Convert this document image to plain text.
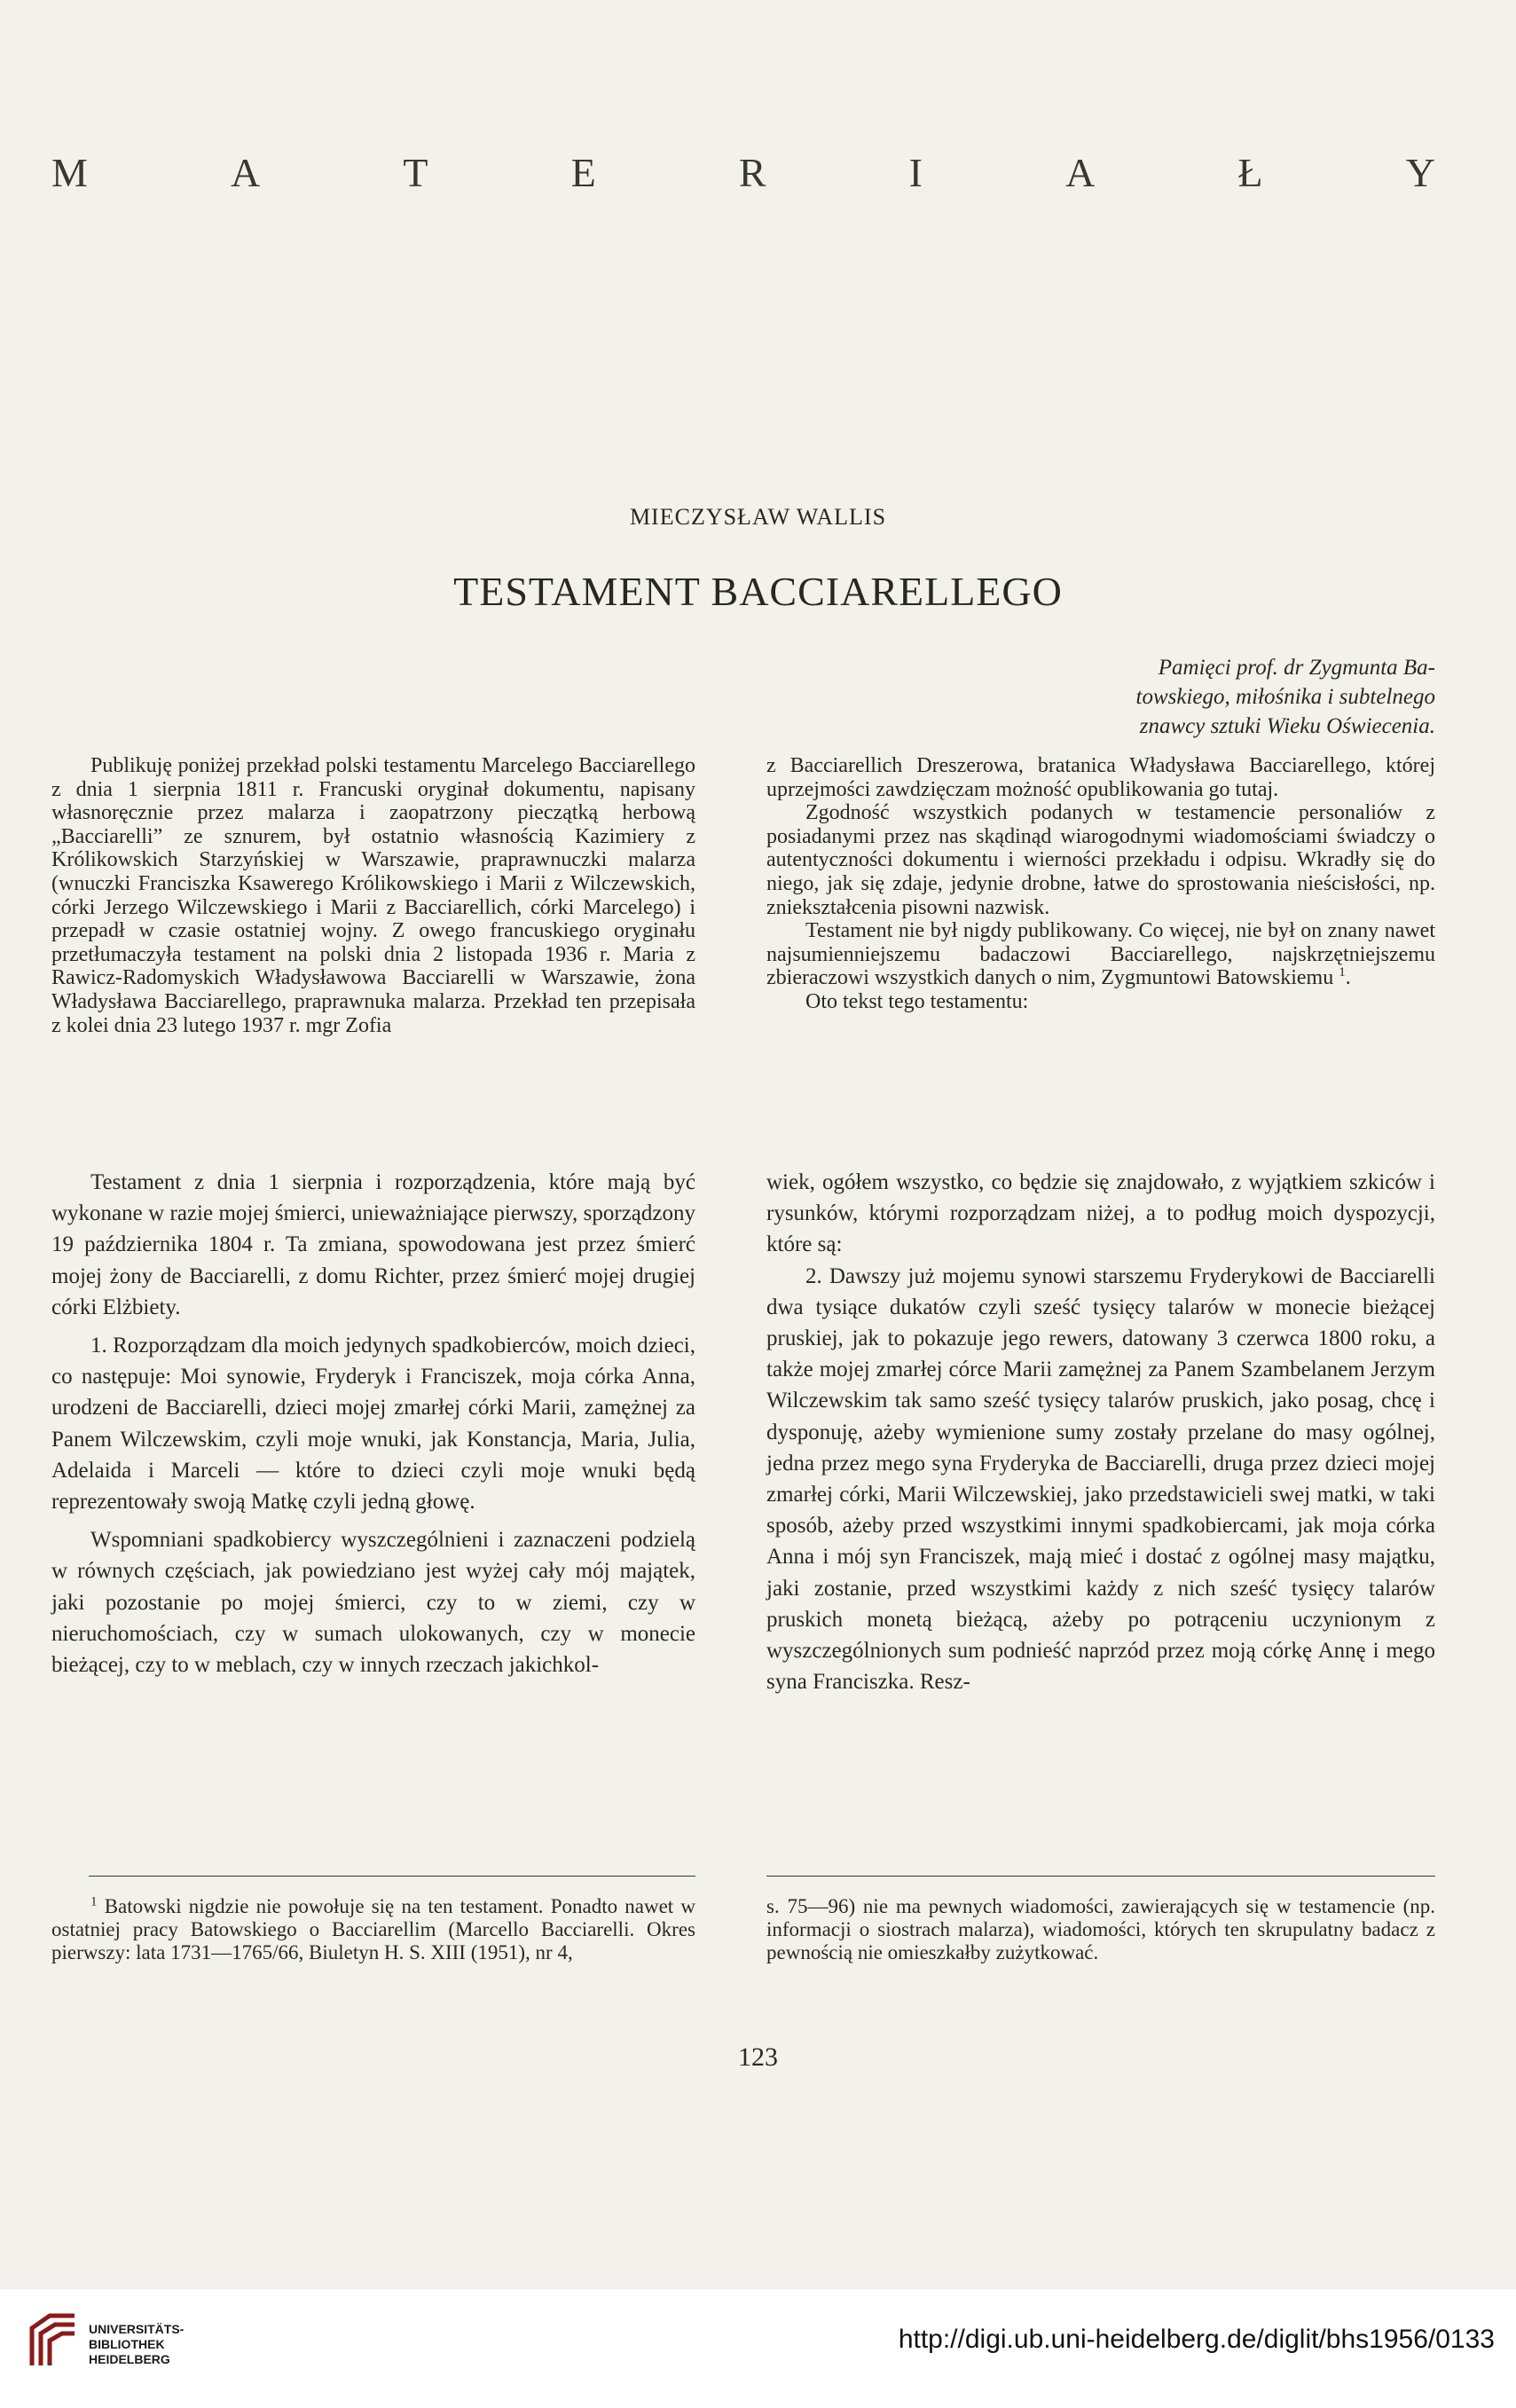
M	A	T	E	R	I	A	Ł	Y
MIECZYSŁAW WALLIS
TESTAMENT BACCIARELLEGO
Pamięci prof. dr Zygmunta Ba-
towskiego, miłośnika i subtelnego
znawcy sztuki Wieku Oświecenia.

Publikuję poniżej przekład polski testamentu Marcelego Bacciarellego z dnia 1 sierpnia 1811 r. Francuski oryginał dokumentu, napisany własnoręcznie przez malarza i zaopatrzony pieczątką herbową „Bacciarelli” ze sznurem, był ostatnio własnością Kazimiery z Królikowskich Starzyńskiej w Warszawie, praprawnuczki malarza (wnuczki Franciszka Ksawerego Królikowskiego i Marii z Wilczewskich, córki Jerzego Wilczewskiego i Marii z Bacciarellich, córki Marcelego) i przepadł w czasie ostatniej wojny. Z owego francuskiego oryginału przetłumaczyła testament na polski dnia 2 listopada 1936 r. Maria z Rawicz-Radomyskich Władysławowa Bacciarelli w Warszawie, żona Władysława Bacciarellego, praprawnuka malarza. Przekład ten przepisała z kolei dnia 23 lutego 1937 r. mgr Zofia

z Bacciarellich Dreszerowa, bratanica Władysława Bacciarellego, której uprzejmości zawdzięczam możność opublikowania go tutaj.

Zgodność wszystkich podanych w testamencie personaliów z posiadanymi przez nas skądinąd wiarogodnymi wiadomościami świadczy o autentyczności dokumentu i wierności przekładu i odpisu. Wkradły się do niego, jak się zdaje, jedynie drobne, łatwe do sprostowania nieścisłości, np. zniekształcenia pisowni nazwisk.

Testament nie był nigdy publikowany. Co więcej, nie był on znany nawet najsumienniejszemu badaczowi Bacciarellego, najskrzętniejszemu zbieraczowi wszystkich danych o nim, Zygmuntowi Batowskiemu $^1$.

Oto tekst tego testamentu:

Testament z dnia 1 sierpnia i rozporządzenia, które mają być wykonane w razie mojej śmierci, unieważniające pierwszy, sporządzony 19 października 1804 r. Ta zmiana, spowodowana jest przez śmierć mojej żony de Bacciarelli, z domu Richter, przez śmierć mojej drugiej córki Elżbiety.

1. Rozporządzam dla moich jedynych spadkobierców, moich dzieci, co następuje: Moi synowie, Fryderyk i Franciszek, moja córka Anna, urodzeni de Bacciarelli, dzieci mojej zmarłej córki Marii, zamężnej za Panem Wilczewskim, czyli moje wnuki, jak Konstancja, Maria, Julia, Adelaida i Marceli — które to dzieci czyli moje wnuki będą reprezentowały swoją Matkę czyli jedną głowę.

Wspomniani spadkobiercy wyszczególnieni i zaznaczeni podzielą w równych częściach, jak powiedziano jest wyżej cały mój majątek, jaki pozostanie po mojej śmierci, czy to w ziemi, czy w nieruchomościach, czy w sumach ulokowanych, czy w monecie bieżącej, czy to w meblach, czy w innych rzeczach jakichkol-

wiek, ogółem wszystko, co będzie się znajdowało, z wyjątkiem szkiców i rysunków, którymi rozporządzam niżej, a to podług moich dyspozycji, które są:

2. Dawszy już mojemu synowi starszemu Fryderykowi de Bacciarelli dwa tysiące dukatów czyli sześć tysięcy talarów w monecie bieżącej pruskiej, jak to pokazuje jego rewers, datowany 3 czerwca 1800 roku, a także mojej zmarłej córce Marii zamężnej za Panem Szambelanem Jerzym Wilczewskim tak samo sześć tysięcy talarów pruskich, jako posag, chcę i dysponuję, ażeby wymienione sumy zostały przelane do masy ogólnej, jedna przez mego syna Fryderyka de Bacciarelli, druga przez dzieci mojej zmarłej córki, Marii Wilczewskiej, jako przedstawicieli swej matki, w taki sposób, ażeby przed wszystkimi innymi spadkobiercami, jak moja córka Anna i mój syn Franciszek, mają mieć i dostać z ogólnej masy majątku, jaki zostanie, przed wszystkimi każdy z nich sześć tysięcy talarów pruskich monetą bieżącą, ażeby po potrąceniu uczynionym z wyszczególnionych sum podnieść naprzód przez moją córkę Annę i mego syna Franciszka. Resz-

$^1$ Batowski nigdzie nie powołuje się na ten testament. Ponadto nawet w ostatniej pracy Batowskiego o Bacciarellim (Marcello Bacciarelli. Okres pierwszy: lata 1731—1765/66, Biuletyn H. S. XIII (1951), nr 4,

s. 75—96) nie ma pewnych wiadomości, zawierających się w testamencie (np. informacji o siostrach malarza), wiadomości, których ten skrupulatny badacz z pewnością nie omieszkałby zużytkować.

123
UNIVERSITÄTS-
BIBLIOTHEK
HEIDELBERG
http://digi.ub.uni-heidelberg.de/diglit/bhs1956/0133
